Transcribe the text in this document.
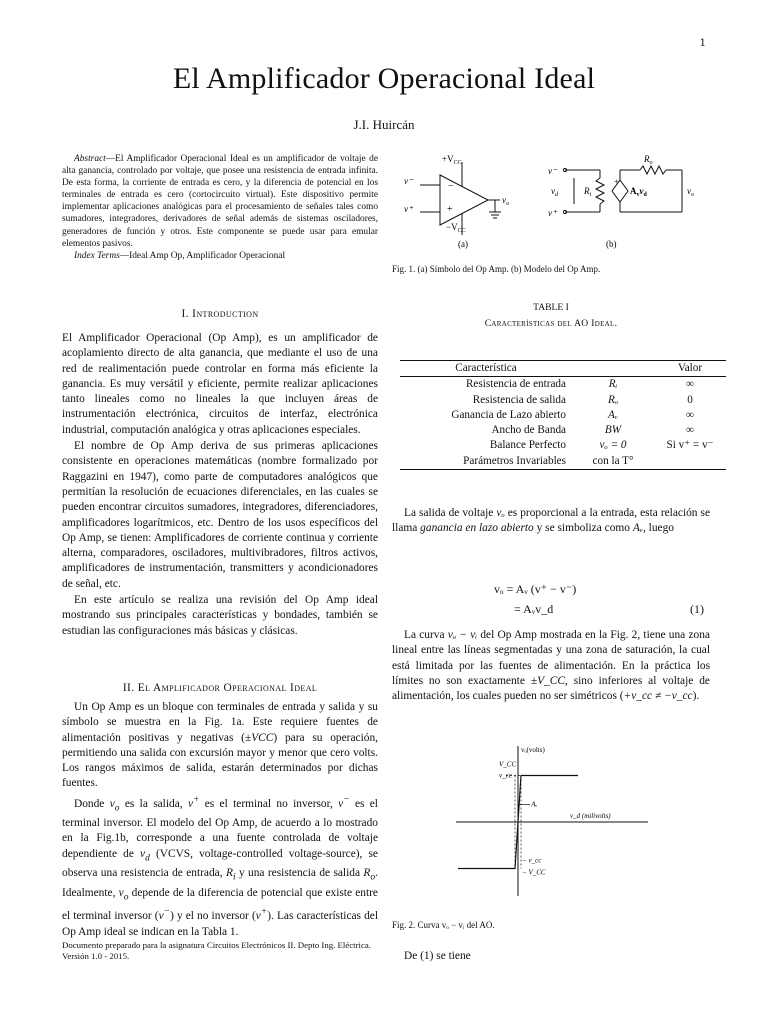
1
El Amplificador Operacional Ideal
J.I. Huircán

Abstract—El Amplificador Operacional Ideal es un amplificador de voltaje de alta ganancia, controlado por voltaje, que posee una resistencia de entrada infinita. De esta forma, la corriente de entrada es cero, y la diferencia de potencial en los terminales de entrada es cero (cortocircuito virtual). Este dispositivo permite implementar aplicaciones analógicas para el procesamiento de señales tales como sumadores, integradores, derivadores de señal además de sistemas osciladores, generadores de función y otros. Este componente se puede usar para emular elementos pasivos.

Index Terms—Ideal Amp Op, Amplificador Operacional

I. Introduction

El Amplificador Operacional (Op Amp), es un amplificador de acoplamiento directo de alta ganancia, que mediante el uso de una red de realimentación puede controlar en forma más eficiente la ganancia. Es muy versátil y eficiente, permite realizar aplicaciones tanto lineales como no lineales la que incluyen áreas de instrumentación electrónica, circuitos de interfaz, electrónica industrial, computación analógica y otras aplicaciones especiales.

El nombre de Op Amp deriva de sus primeras aplicaciones consistente en operaciones matemáticas (nombre formalizado por Raggazini en 1947), como parte de computadores analógicos que permitían la resolución de ecuaciones diferenciales, en las cuales se pueden encontrar circuitos sumadores, integradores, diferenciadores, amplificadores logarítmicos, etc. Dentro de los usos específicos del Op Amp, se tienen: Amplificadores de corriente continua y corriente alterna, comparadores, osciladores, multivibradores, filtros activos, amplificadores de instrumentación, transmitters y acondicionadores de señal, etc.

En este artículo se realiza una revisión del Op Amp ideal mostrando sus principales características y bondades, también se estudian las configuraciones más básicas y clásicas.

II. El Amplificador Operacional Ideal

Un Op Amp es un bloque con terminales de entrada y salida y su símbolo se muestra en la Fig. 1a. Este requiere fuentes de alimentación positivas y negativas (±VCC) para su operación, permitiendo una salida con excursión mayor y menor que cero volts. Los rangos máximos de salida, estarán determinados por dichas fuentes.

Donde $v_o$ es la salida, v+ es el terminal no inversor, v− es el terminal inversor. El modelo del Op Amp, de acuerdo a lo mostrado en la Fig.1b, corresponde a una fuente controlada de voltaje dependiente de $v_d$ (VCVS, voltage-controlled voltage-source), se observa una resistencia de entrada, $R_i$ y una resistencia de salida $R_o$. Idealmente, $v_o$ depende de la diferencia de potencial que existe entre el terminal inversor (v−) y el no inversor (v+). Las características del Op Amp ideal se indican en la Tabla 1.

Documento preparado para la asignatura Circuitos Electrónicos II. Depto Ing. Eléctrica. Versión 1.0 - 2015.
−
+
$+V_{CC}$
$-V_{CC}$
v⁻
v⁺
$v_o$
(a)
v⁻
v⁺
$v_d$	$R_i$
$R_o$
$A_vv_d$
+
$v_o$
(b)
Fig. 1. (a) Símbolo del Op Amp. (b) Modelo del Op Amp.
TABLE I
Características del AO Ideal.
Característica		Valor
Resistencia de entrada	Rᵢ	∞
Resistencia de salida	Rₒ	0
Ganancia de Lazo abierto	Aᵥ	∞
Ancho de Banda	BW	∞
Balance Perfecto	vₒ = 0	Si v⁺ = v⁻
Parámetros Invariables	con la T°	

La salida de voltaje vₒ es proporcional a la entrada, esta relación se llama ganancia en lazo abierto y se simboliza como Aᵥ, luego

vₒ = Aᵥ (v⁺ − v⁻)
= Aᵥv_d	(1)

La curva vₒ − vᵢ del Op Amp mostrada en la Fig. 2, tiene una zona lineal entre las líneas segmentadas y una zona de saturación, la cual está limitada por las fuentes de alimentación. En la práctica los límites no son exactamente ±V_CC, sino inferiores al voltaje de alimentación, los cuales pueden no ser simétricos (+v_cc ≠ −v_cc).

Aᵥ
vₒ(volts)
v_d (milivolts)
V_CC
v_cc
− v_cc
− V_CC
Fig. 2. Curva vₒ − vᵢ del AO.
De (1) se tiene
